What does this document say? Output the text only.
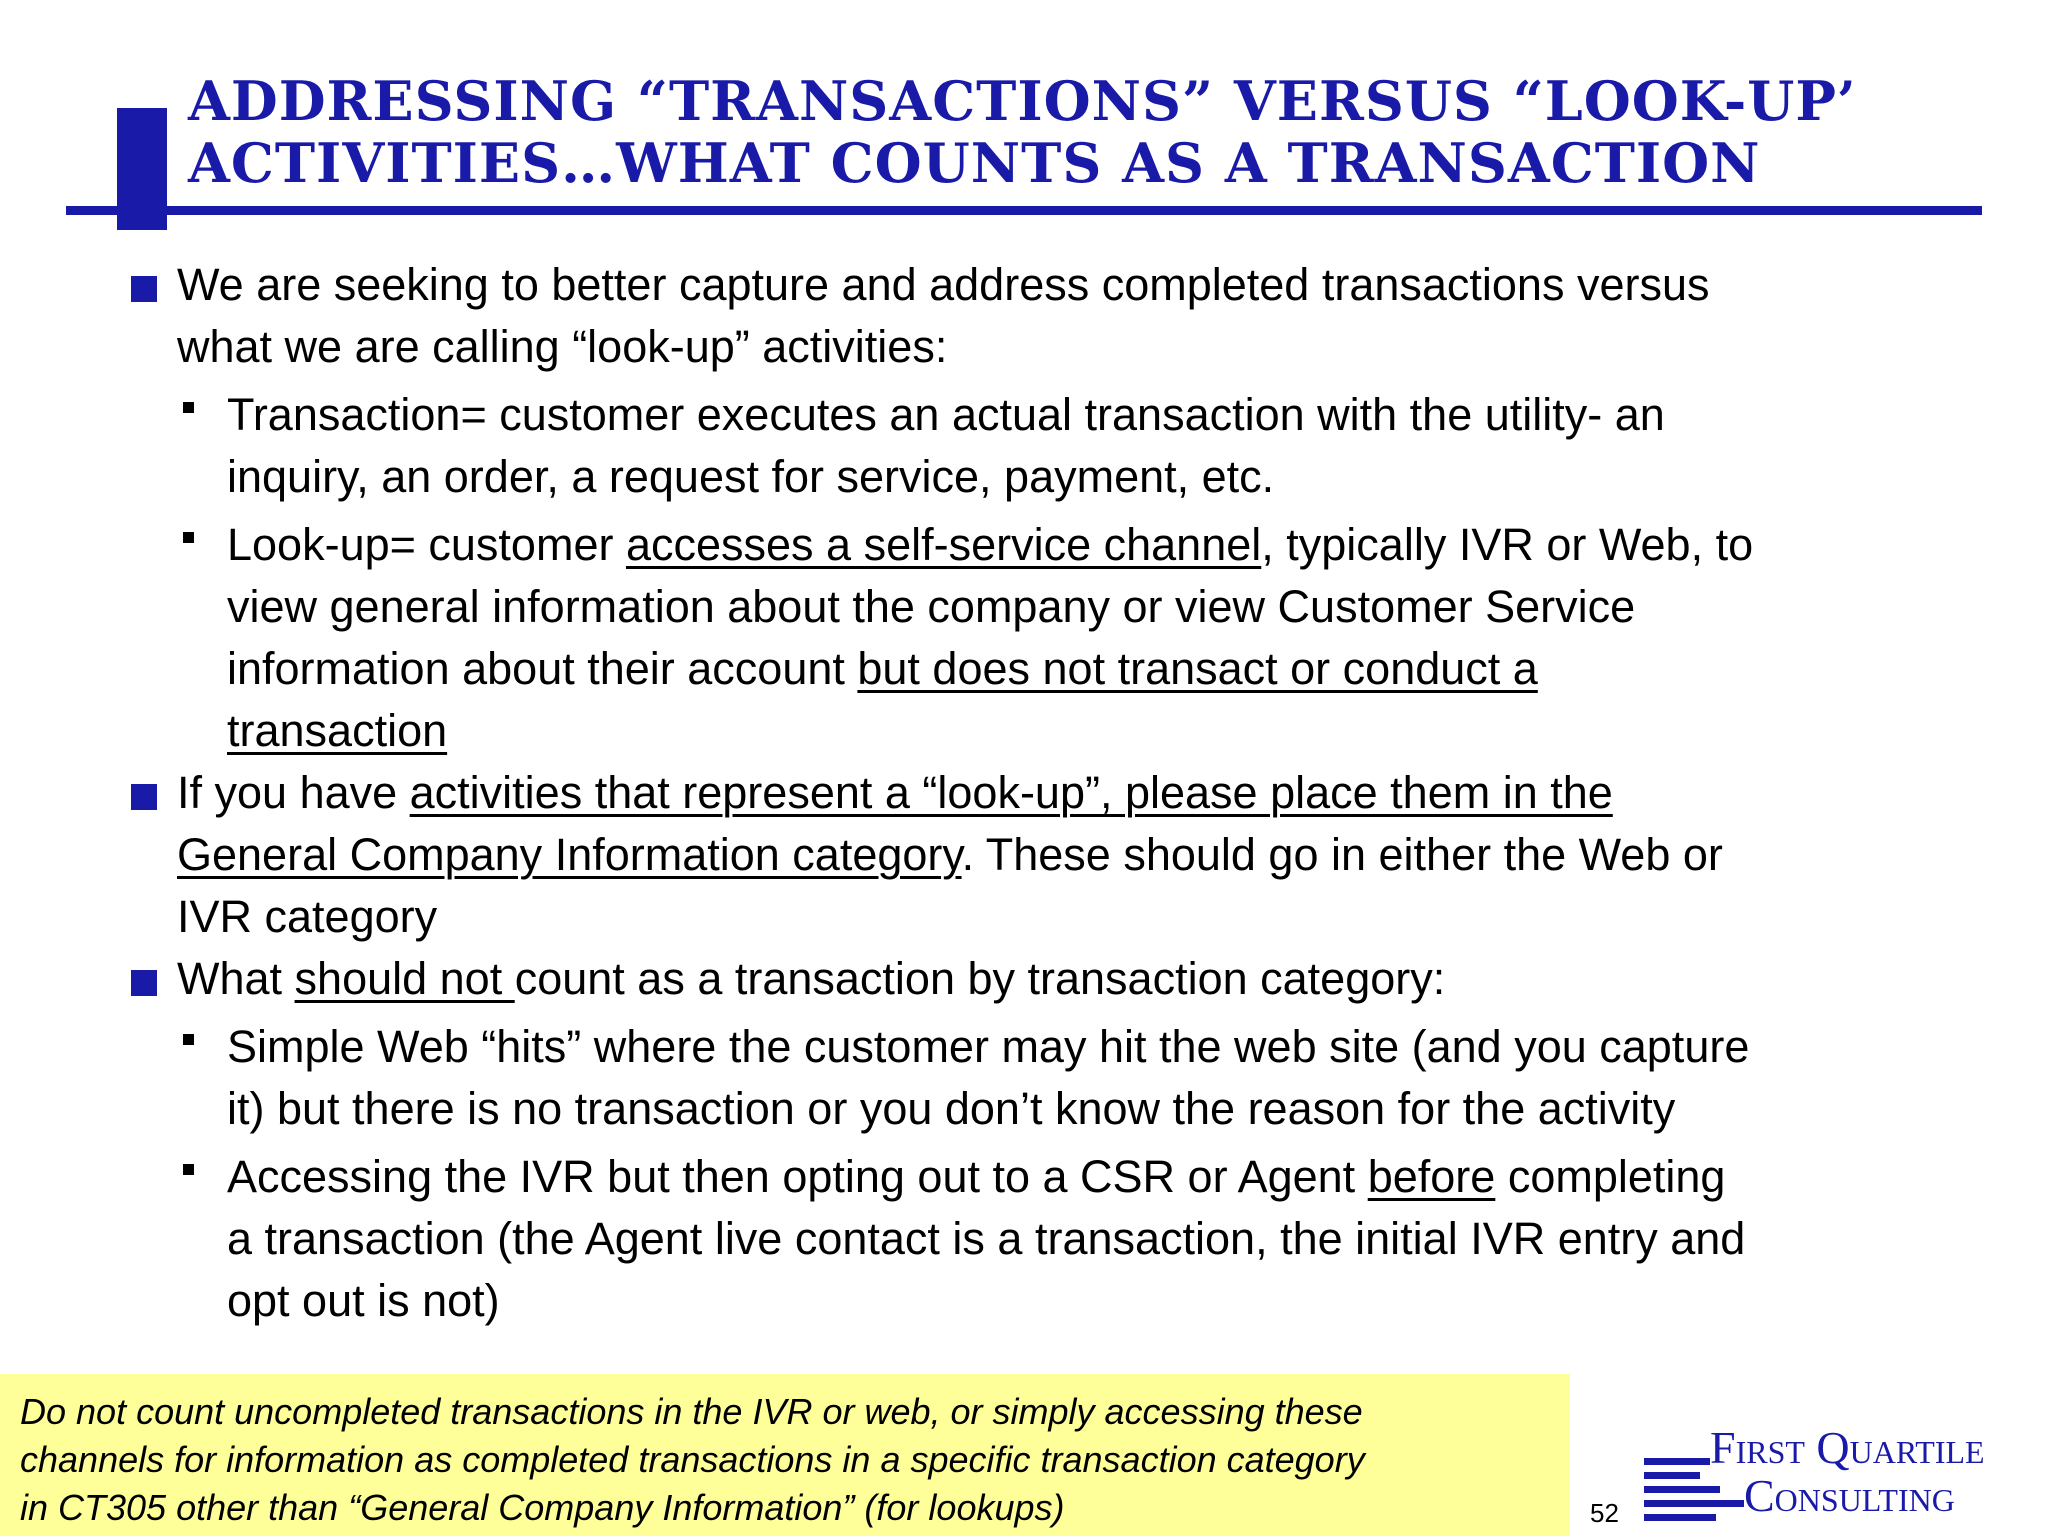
ADDRESSING “TRANSACTIONS” VERSUS “LOOK-UP’
ACTIVITIES…WHAT COUNTS AS A TRANSACTION
We are seeking to better capture and address completed transactions versus
what we are calling “look-up” activities:
Transaction= customer executes an actual transaction with the utility- an
inquiry, an order, a request for service, payment, etc.
Look-up= customer accesses a self-service channel, typically IVR or Web, to
view general information about the company or view Customer Service
information about their account but does not transact or conduct a
transaction
If you have activities that represent a “look-up”, please place them in the
General Company Information category. These should go in either the Web or
IVR category
What should not count as a transaction by transaction category:
Simple Web “hits” where the customer may hit the web site (and you capture
it) but there is no transaction or you don’t know the reason for the activity
Accessing the IVR but then opting out to a CSR or Agent before completing
a transaction (the Agent live contact is a transaction, the initial IVR entry and
opt out is not)
Do not count uncompleted transactions in the IVR or web, or simply accessing these
channels for information as completed transactions in a specific transaction category
in CT305 other than “General Company Information” (for lookups)	52
First Quartile
Consulting
